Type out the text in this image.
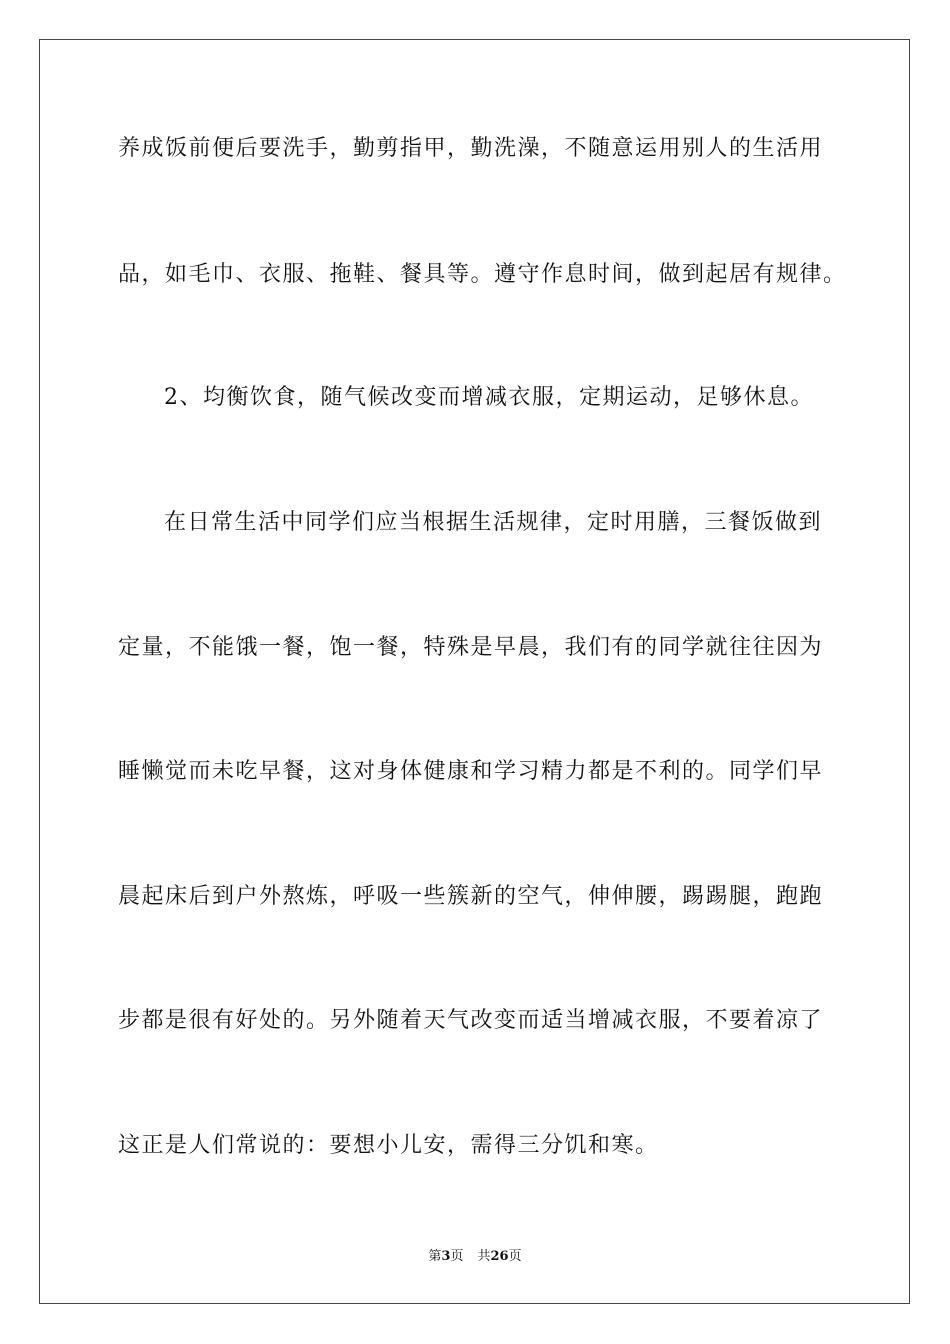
养成饭前便后要洗手，勤剪指甲，勤洗澡，不随意运用别人的生活用
品，如毛巾、衣服、拖鞋、餐具等。遵守作息时间，做到起居有规律。
2、均衡饮食，随气候改变而增减衣服，定期运动，足够休息。
在日常生活中同学们应当根据生活规律，定时用膳，三餐饭做到
定量，不能饿一餐，饱一餐，特殊是早晨，我们有的同学就往往因为
睡懒觉而未吃早餐，这对身体健康和学习精力都是不利的。同学们早
晨起床后到户外熬炼，呼吸一些簇新的空气，伸伸腰，踢踢腿，跑跑
步都是很有好处的。另外随着天气改变而适当增减衣服，不要着凉了
这正是人们常说的：要想小儿安，需得三分饥和寒。
第3页 共26页
